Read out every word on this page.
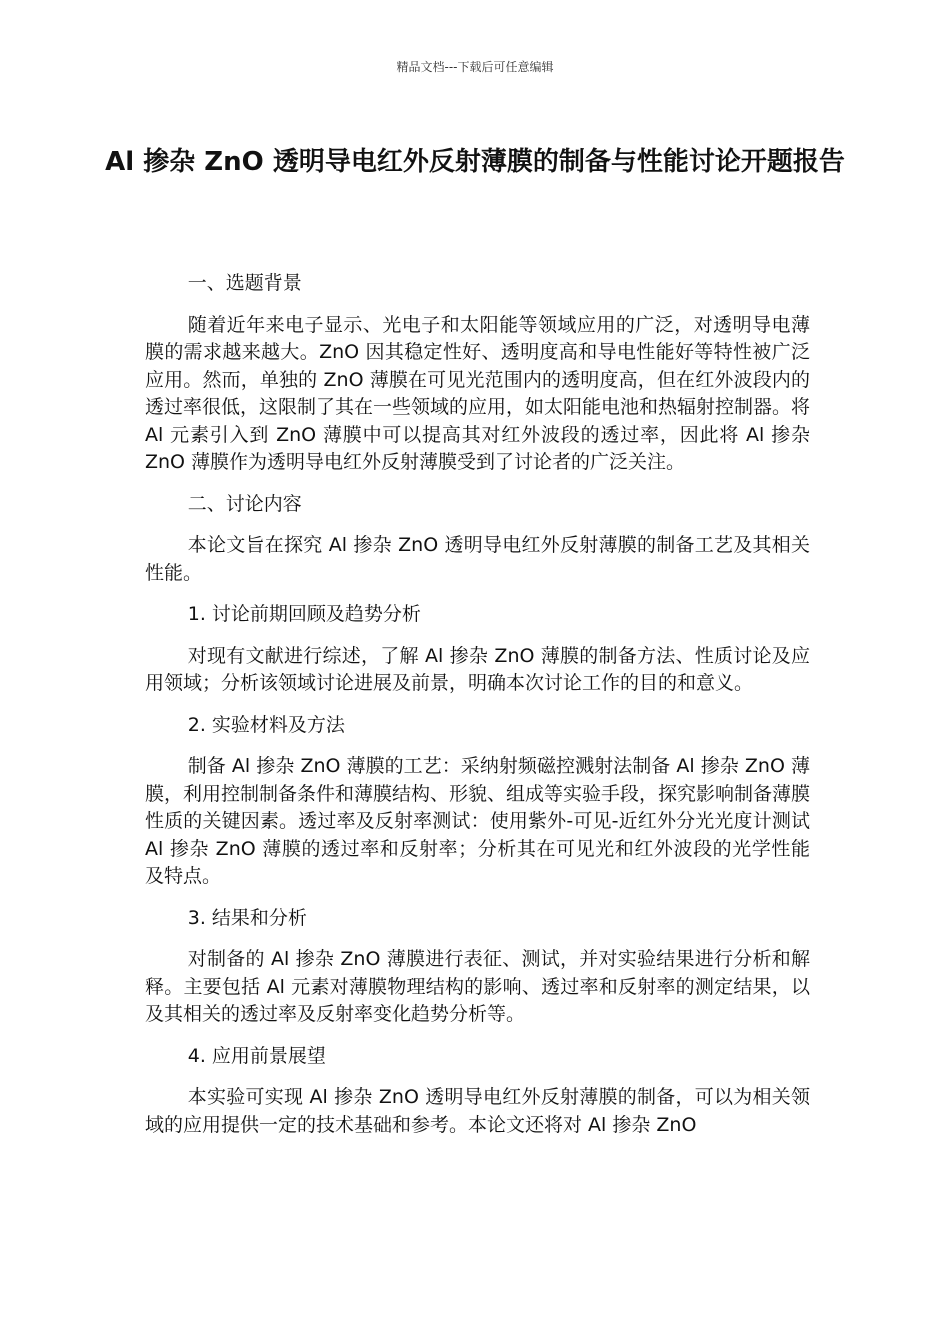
精品文档---下载后可任意编辑
Al 掺杂 ZnO 透明导电红外反射薄膜的制备与性能讨论开题报告

一、选题背景

随着近年来电子显示、光电子和太阳能等领域应用的广泛，对透明导电薄膜的需求越来越大。ZnO 因其稳定性好、透明度高和导电性能好等特性被广泛应用。然而，单独的 ZnO 薄膜在可见光范围内的透明度高，但在红外波段内的透过率很低，这限制了其在一些领域的应用，如太阳能电池和热辐射控制器。将 Al 元素引入到 ZnO 薄膜中可以提高其对红外波段的透过率，因此将 Al 掺杂 ZnO 薄膜作为透明导电红外反射薄膜受到了讨论者的广泛关注。

二、讨论内容

本论文旨在探究 Al 掺杂 ZnO 透明导电红外反射薄膜的制备工艺及其相关性能。

1. 讨论前期回顾及趋势分析

对现有文献进行综述，了解 Al 掺杂 ZnO 薄膜的制备方法、性质讨论及应用领域；分析该领域讨论进展及前景，明确本次讨论工作的目的和意义。

2. 实验材料及方法

制备 Al 掺杂 ZnO 薄膜的工艺：采纳射频磁控溅射法制备 Al 掺杂 ZnO 薄膜，利用控制制备条件和薄膜结构、形貌、组成等实验手段，探究影响制备薄膜性质的关键因素。透过率及反射率测试：使用紫外-可见-近红外分光光度计测试 Al 掺杂 ZnO 薄膜的透过率和反射率；分析其在可见光和红外波段的光学性能及特点。

3. 结果和分析

对制备的 Al 掺杂 ZnO 薄膜进行表征、测试，并对实验结果进行分析和解释。主要包括 Al 元素对薄膜物理结构的影响、透过率和反射率的测定结果，以及其相关的透过率及反射率变化趋势分析等。

4. 应用前景展望

本实验可实现 Al 掺杂 ZnO 透明导电红外反射薄膜的制备，可以为相关领域的应用提供一定的技术基础和参考。本论文还将对 Al 掺杂 ZnO
